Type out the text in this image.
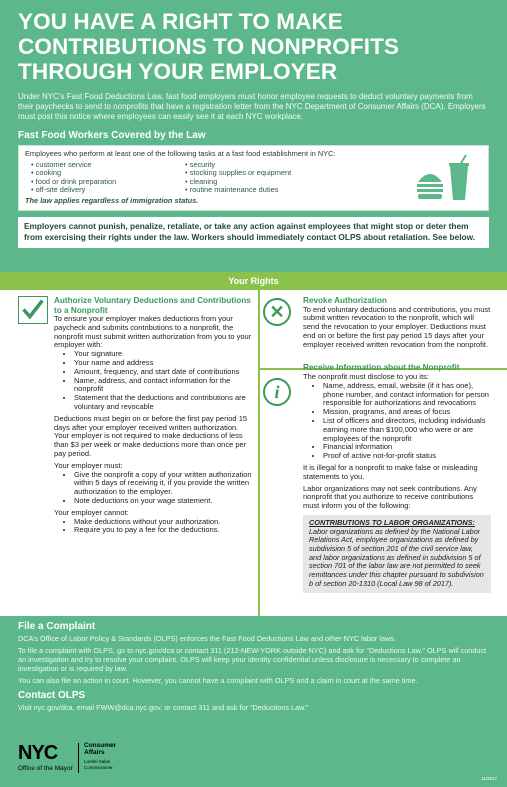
YOU HAVE A RIGHT TO MAKE
CONTRIBUTIONS TO NONPROFITS
THROUGH YOUR EMPLOYER
Under NYC’s Fast Food Deductions Law, fast food employers must honor employee requests to deduct voluntary payments from their paychecks to send to nonprofits that have a registration letter from the NYC Department of Consumer Affairs (DCA). Employers must post this notice where employees can easily see it at each NYC workplace.
Fast Food Workers Covered by the Law
Employees who perform at least one of the following tasks at a fast food establishment in NYC:
• customer service
• cooking
• food or drink preparation
• off-site delivery
• security
• stocking supplies or equipment
• cleaning
• routine maintenance duties
The law applies regardless of immigration status.
Employers cannot punish, penalize, retaliate, or take any action against employees that might stop or deter them from exercising their rights under the law. Workers should immediately contact OLPS about retaliation. See below.
Your Rights
Authorize Voluntary Deductions and Contributions to a Nonprofit
To ensure your employer makes deductions from your paycheck and submits contributions to a nonprofit, the nonprofit must submit written authorization from you to your employer with:
• Your signature
• Your name and address
• Amount, frequency, and start date of contributions
• Name, address, and contact information for the nonprofit
• Statement that the deductions and contributions are voluntary and revocable

Deductions must begin on or before the first pay period 15 days after your employer received written authorization. Your employer is not required to make deductions of less than $3 per week or make deductions more than once per pay period.

Your employer must:

• Give the nonprofit a copy of your written authorization within 5 days of receiving it, if you provide the written authorization to the employer.
• Note deductions on your wage statement.

Your employer cannot:

• Make deductions without your authorization.
• Require you to pay a fee for the deductions.
✕
Revoke Authorization
To end voluntary deductions and contributions, you must submit written revocation to the nonprofit, which will send the revocation to your employer. Deductions must end on or before the first pay period 15 days after your employer received written revocation from the nonprofit.
i
Receive Information about the Nonprofit
The nonprofit must disclose to you its:
• Name, address, email, website (if it has one), phone number, and contact information for person responsible for authorizations and revocations
• Mission, programs, and areas of focus
• List of officers and directors, including individuals earning more than $100,000 who were or are employees of the nonprofit
• Financial information
• Proof of active not-for-profit status

It is illegal for a nonprofit to make false or misleading statements to you.

Labor organizations may not seek contributions. Any nonprofit that you authorize to receive contributions must inform you of the following:

CONTRIBUTIONS TO LABOR ORGANIZATIONS:
Labor organizations as defined by the National Labor Relations Act, employee organizations as defined by subdivision 5 of section 201 of the civil service law, and labor organizations as defined in subdivision 5 of section 701 of the labor law are not permitted to seek remittances under this chapter pursuant to subdivision b of section 20-1310 (Local Law 98 of 2017).
File a Complaint

DCA’s Office of Labor Policy & Standards (OLPS) enforces the Fast Food Deductions Law and other NYC labor laws.

To file a complaint with OLPS, go to nyc.gov/dca or contact 311 (212-NEW-YORK outside NYC) and ask for “Deductions Law.” OLPS will conduct an investigation and try to resolve your complaint. OLPS will keep your identity confidential unless disclosure is necessary to complete an investigation or is required by law.

You can also file an action in court. However, you cannot have a complaint with OLPS and a claim in court at the same time.

Contact OLPS

Visit nyc.gov/dca, email FWW@dca.nyc.gov, or contact 311 and ask for “Deductions Law.”

NYC
Office of the Mayor
Consumer
Affairs
Lorelei Salas
Commissioner
11/2017
